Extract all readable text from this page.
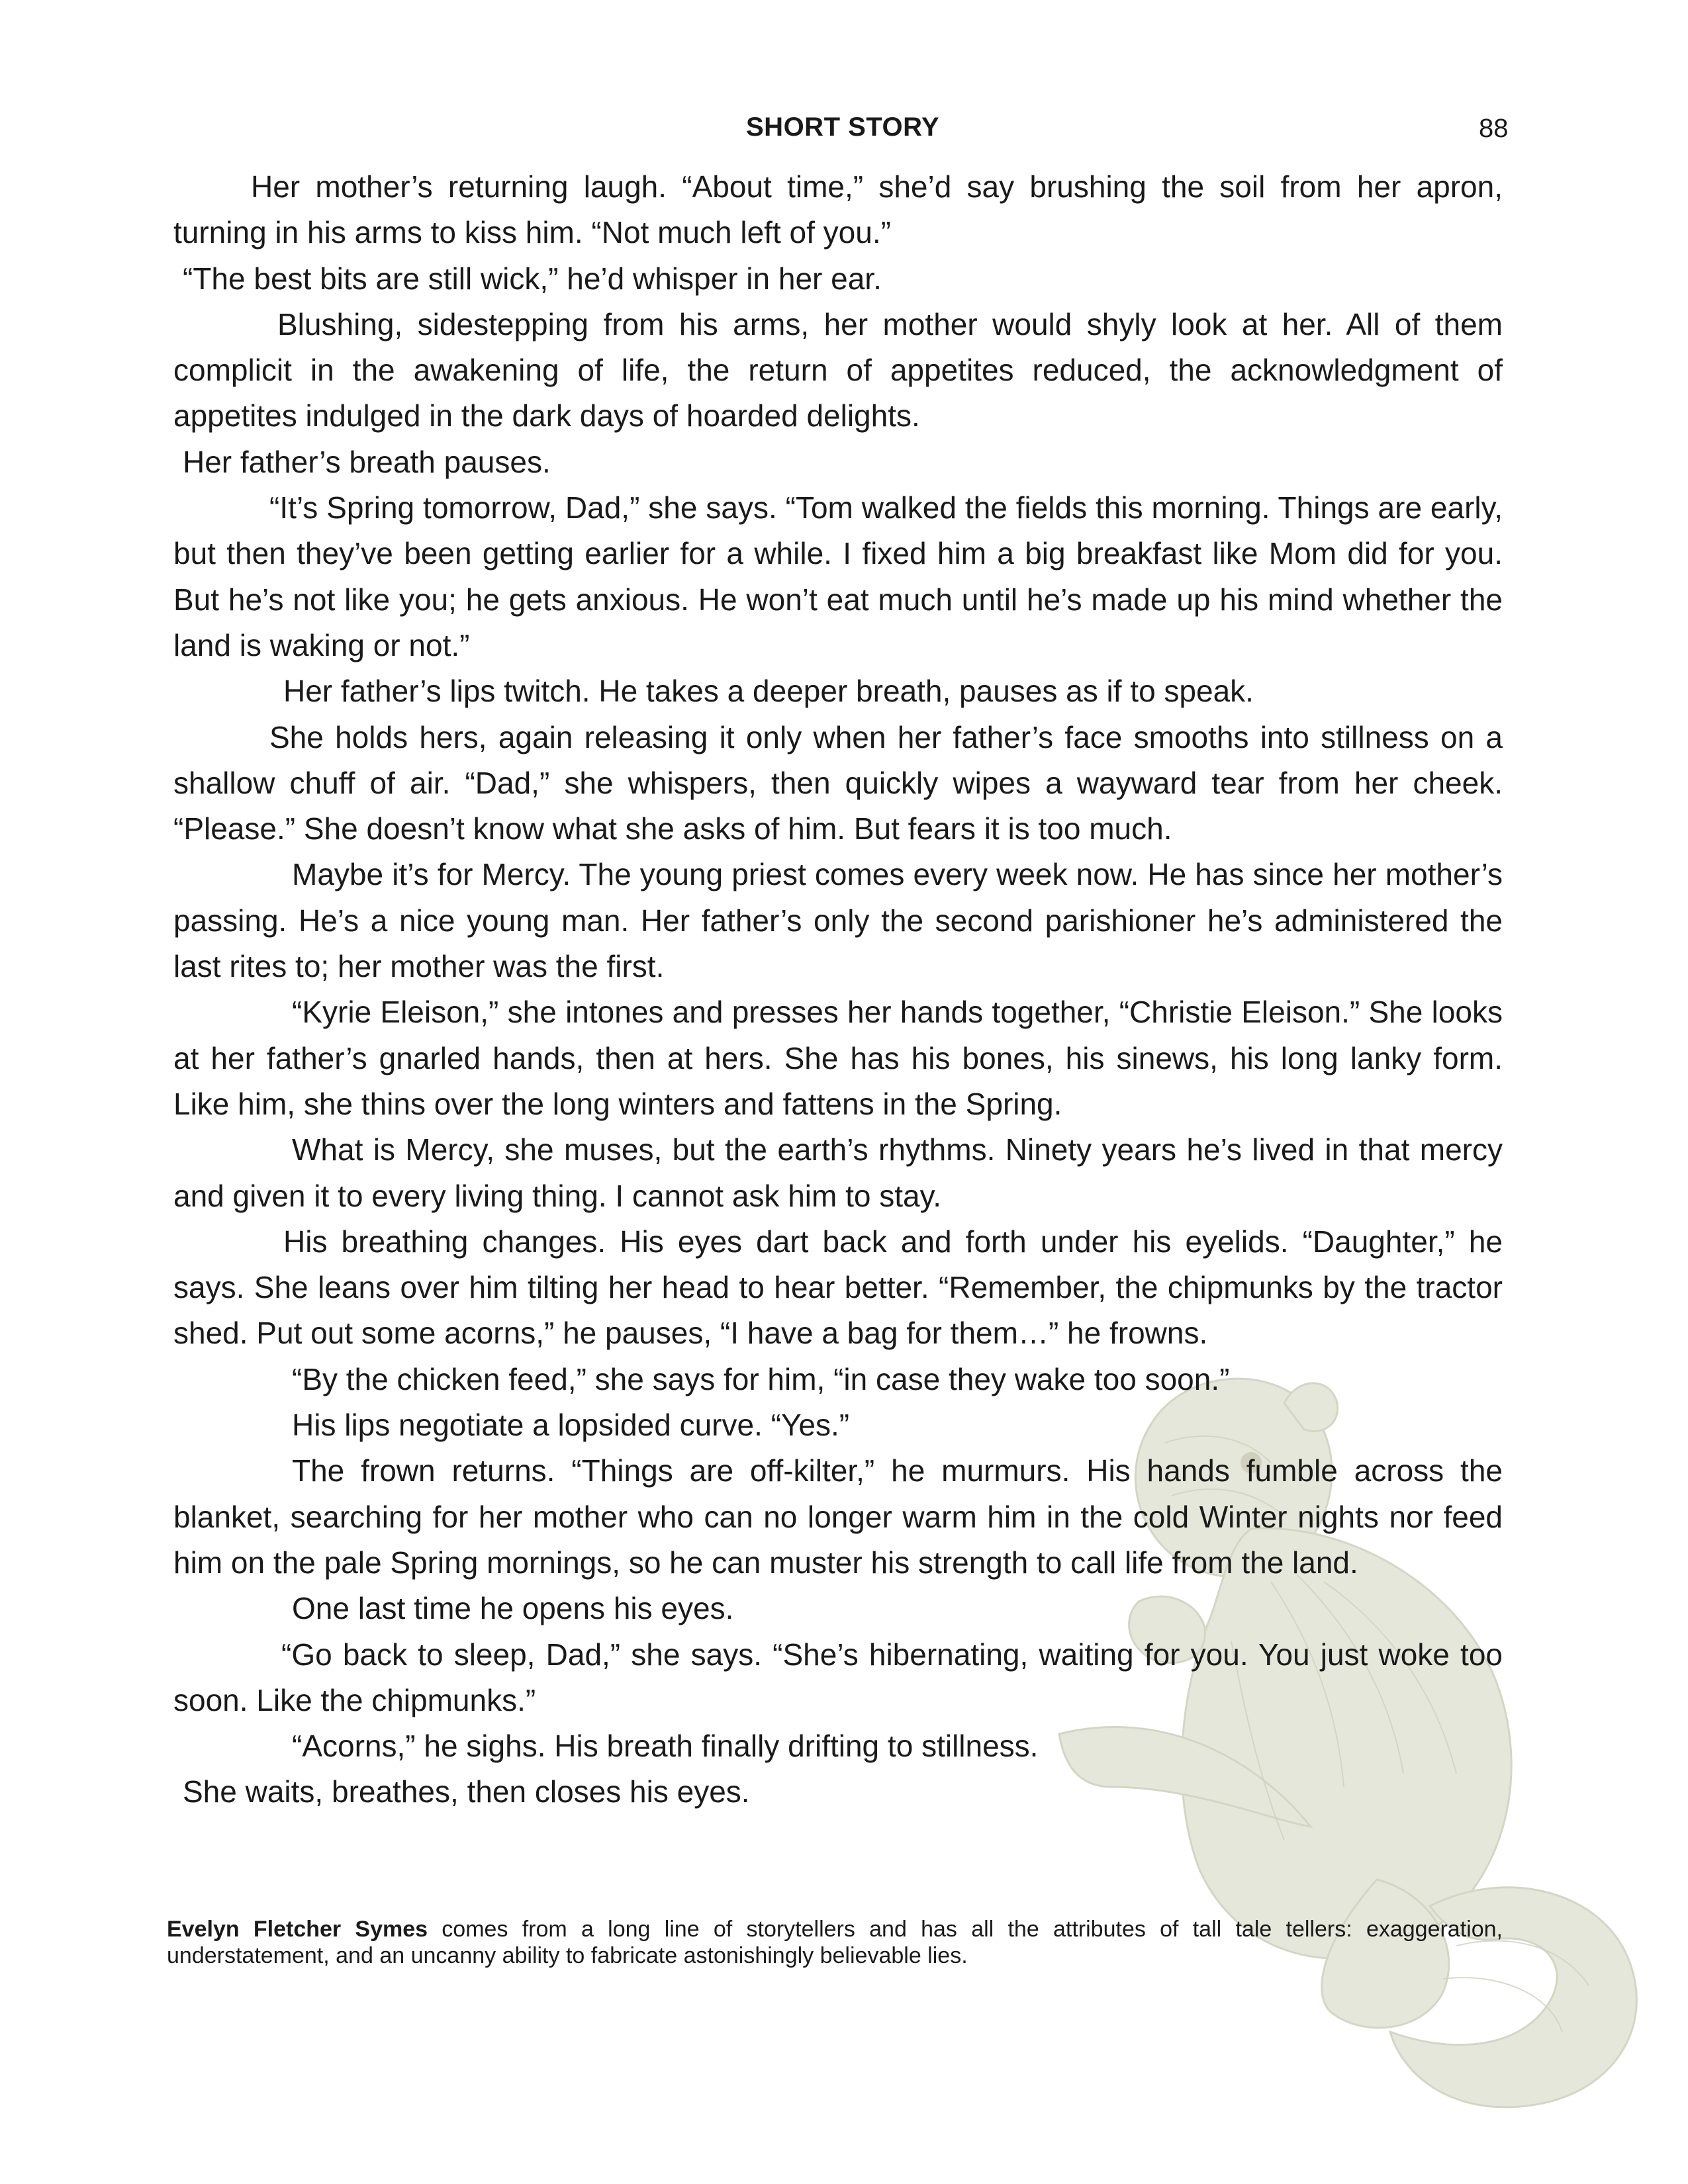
SHORT STORY	88

Her mother’s returning laugh. “About time,” she’d say brushing the soil from her apron, turning in his arms to kiss him. “Not much left of you.”

“The best bits are still wick,” he’d whisper in her ear.

Blushing, sidestepping from his arms, her mother would shyly look at her. All of them complicit in the awakening of life, the return of appetites reduced, the acknowledgment of appetites indulged in the dark days of hoarded delights.

Her father’s breath pauses.

“It’s Spring tomorrow, Dad,” she says. “Tom walked the fields this morning. Things are early, but then they’ve been getting earlier for a while. I fixed him a big breakfast like Mom did for you. But he’s not like you; he gets anxious. He won’t eat much until he’s made up his mind whether the land is waking or not.”

Her father’s lips twitch. He takes a deeper breath, pauses as if to speak.

She holds hers, again releasing it only when her father’s face smooths into stillness on a shallow chuff of air. “Dad,” she whispers, then quickly wipes a wayward tear from her cheek. “Please.” She doesn’t know what she asks of him. But fears it is too much.

Maybe it’s for Mercy. The young priest comes every week now. He has since her mother’s passing. He’s a nice young man. Her father’s only the second parishioner he’s administered the last rites to; her mother was the first.

“Kyrie Eleison,” she intones and presses her hands together, “Christie Eleison.” She looks at her father’s gnarled hands, then at hers. She has his bones, his sinews, his long lanky form. Like him, she thins over the long winters and fattens in the Spring.

What is Mercy, she muses, but the earth’s rhythms. Ninety years he’s lived in that mercy and given it to every living thing. I cannot ask him to stay.

His breathing changes. His eyes dart back and forth under his eyelids. “Daughter,” he says. She leans over him tilting her head to hear better. “Remember, the chipmunks by the tractor shed. Put out some acorns,” he pauses, “I have a bag for them…” he frowns.

“By the chicken feed,” she says for him, “in case they wake too soon.”

His lips negotiate a lopsided curve. “Yes.”

The frown returns. “Things are off-kilter,” he murmurs. His hands fumble across the blanket, searching for her mother who can no longer warm him in the cold Winter nights nor feed him on the pale Spring mornings, so he can muster his strength to call life from the land.

One last time he opens his eyes.

“Go back to sleep, Dad,” she says. “She’s hibernating, waiting for you. You just woke too soon. Like the chipmunks.”

“Acorns,” he sighs. His breath finally drifting to stillness.

She waits, breathes, then closes his eyes.

Evelyn Fletcher Symes comes from a long line of storytellers and has all the attributes of tall tale tellers: exaggeration, understatement, and an uncanny ability to fabricate astonishingly believable lies.
